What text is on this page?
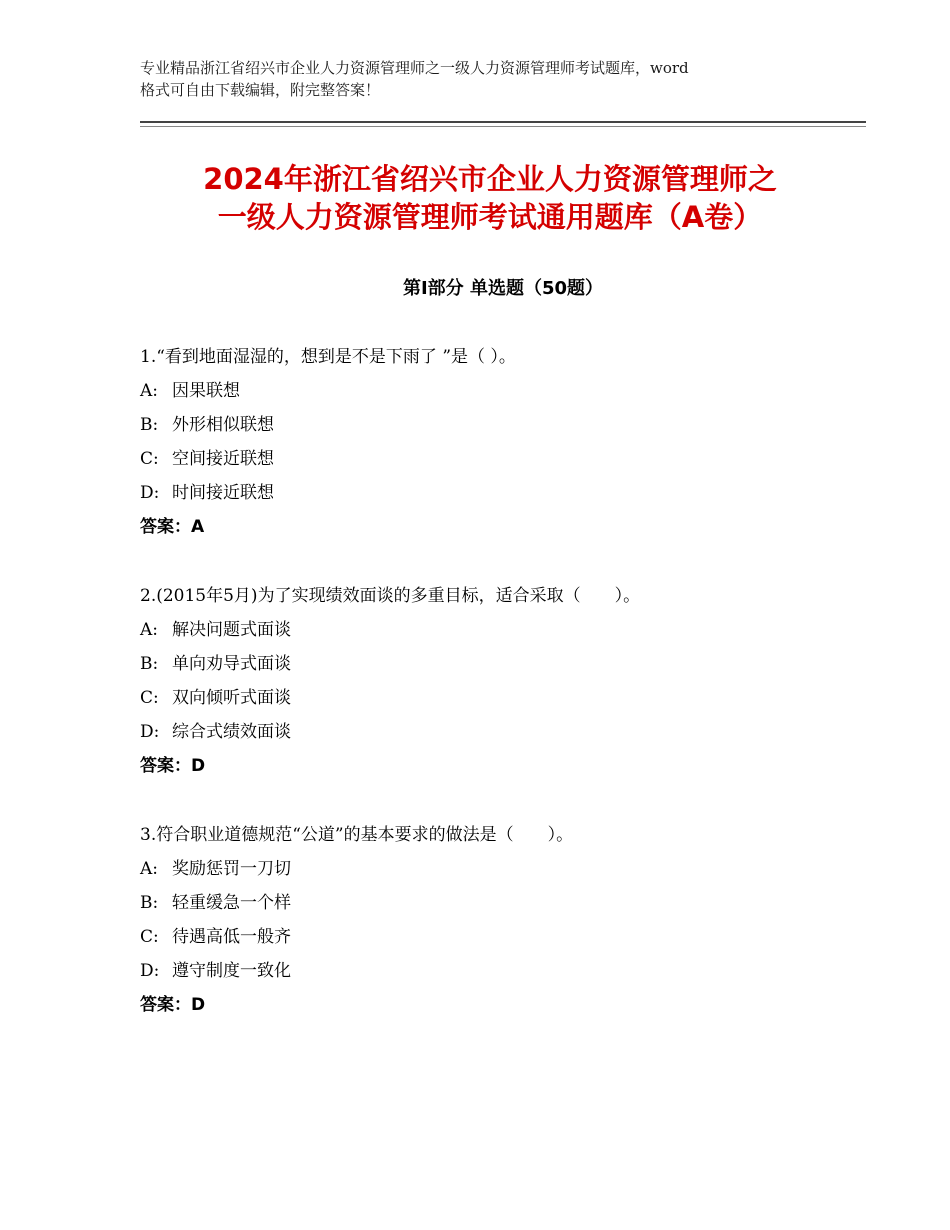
专业精品浙江省绍兴市企业人力资源管理师之一级人力资源管理师考试题库，word
格式可自由下载编辑，附完整答案！
2024年浙江省绍兴市企业人力资源管理师之
一级人力资源管理师考试通用题库（A卷）
第Ⅰ部分 单选题（50题）
1.“看到地面湿湿的，想到是不是下雨了 ”是（ ）。
A: 因果联想
B: 外形相似联想
C: 空间接近联想
D: 时间接近联想
答案：A
2.(2015年5月)为了实现绩效面谈的多重目标，适合采取（　　）。
A: 解决问题式面谈
B: 单向劝导式面谈
C: 双向倾听式面谈
D: 综合式绩效面谈
答案：D
3.符合职业道德规范“公道”的基本要求的做法是（　　）。
A: 奖励惩罚一刀切
B: 轻重缓急一个样
C: 待遇高低一般齐
D: 遵守制度一致化
答案：D
